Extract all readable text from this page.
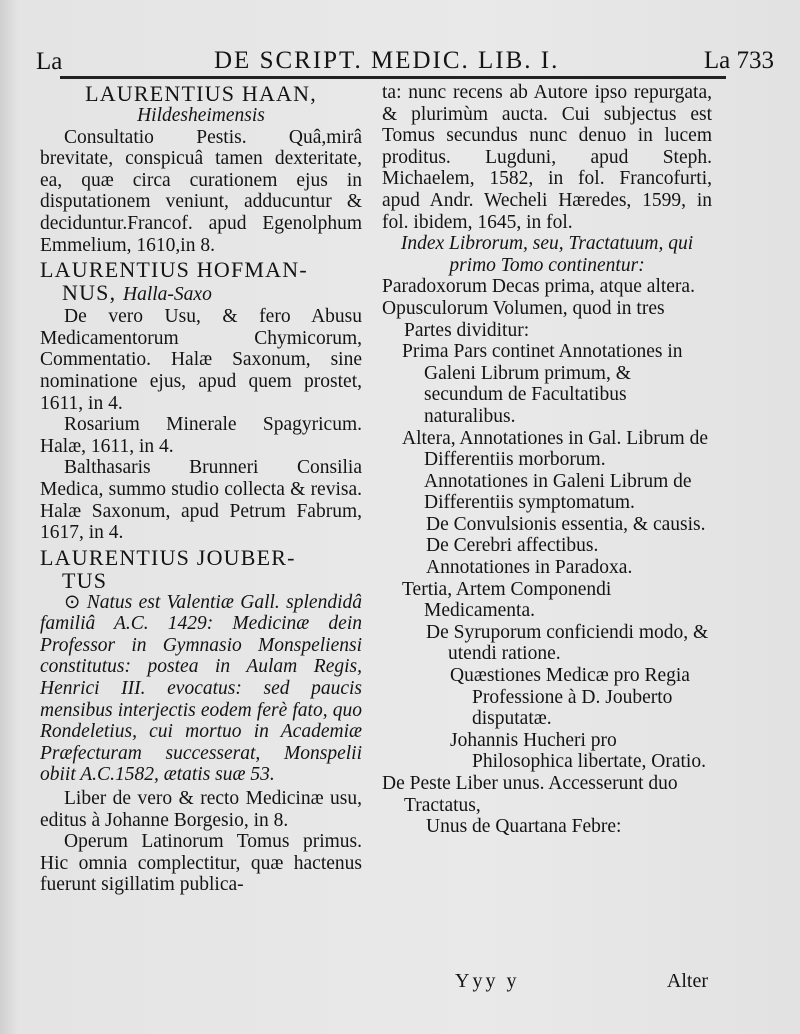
La	DE SCRIPT. MEDIC. LIB. I.	La 733

LAURENTIUS HAAN,

Hildesheimensis

Consultatio Pestis. Quâ,mirâ brevitate, conspicuâ tamen dexteritate, ea, quæ circa curationem ejus in disputationem veniunt, adducuntur & deciduntur.Francof. apud Egenolphum Emmelium, 1610,in 8.

LAURENTIUS HOFMAN-
NUS, Halla-Saxo

De vero Usu, & fero Abusu Medicamentorum Chymicorum, Commentatio. Halæ Saxonum, sine nominatione ejus, apud quem prostet, 1611, in 4.

Rosarium Minerale Spagyricum. Halæ, 1611, in 4.

Balthasaris Brunneri Consilia Medica, summo studio collecta & revisa. Halæ Saxonum, apud Petrum Fabrum, 1617, in 4.

LAURENTIUS JOUBER-
TUS

⊙ Natus est Valentiæ Gall. splendidâ familiâ A.C. 1429: Medicinæ dein Professor in Gymnasio Monspeliensi constitutus: postea in Aulam Regis, Henrici III. evocatus: sed paucis mensibus interjectis eodem ferè fato, quo Rondeletius, cui mortuo in Academiæ Præfecturam successerat, Monspelii obiit A.C.1582, ætatis suæ 53.

Liber de vero & recto Medicinæ usu, editus à Johanne Borgesio, in 8.

Operum Latinorum Tomus primus. Hic omnia complectitur, quæ hactenus fuerunt sigillatim publica-

ta: nunc recens ab Autore ipso repurgata, & plurimùm aucta. Cui subjectus est Tomus secundus nunc denuo in lucem proditus. Lugduni, apud Steph. Michaelem, 1582, in fol. Francofurti, apud Andr. Wecheli Hæredes, 1599, in fol. ibidem, 1645, in fol.

Index Librorum, seu, Tractatuum, qui primo Tomo continentur:

Paradoxorum Decas prima, atque altera.

Opusculorum Volumen, quod in tres Partes dividitur:

Prima Pars continet Annotationes in Galeni Librum primum, & secundum de Facultatibus naturalibus.

Altera, Annotationes in Gal. Librum de Differentiis morborum. Annotationes in Galeni Librum de Differentiis symptomatum.

De Convulsionis essentia, & causis.

De Cerebri affectibus.

Annotationes in Paradoxa.

Tertia, Artem Componendi Medicamenta.

De Syruporum conficiendi modo, & utendi ratione.

Quæstiones Medicæ pro Regia Professione à D. Jouberto disputatæ.

Johannis Hucheri pro Philosophica libertate, Oratio.

De Peste Liber unus. Accesserunt duo Tractatus,

Unus de Quartana Febre:

Yyy y	Alter
